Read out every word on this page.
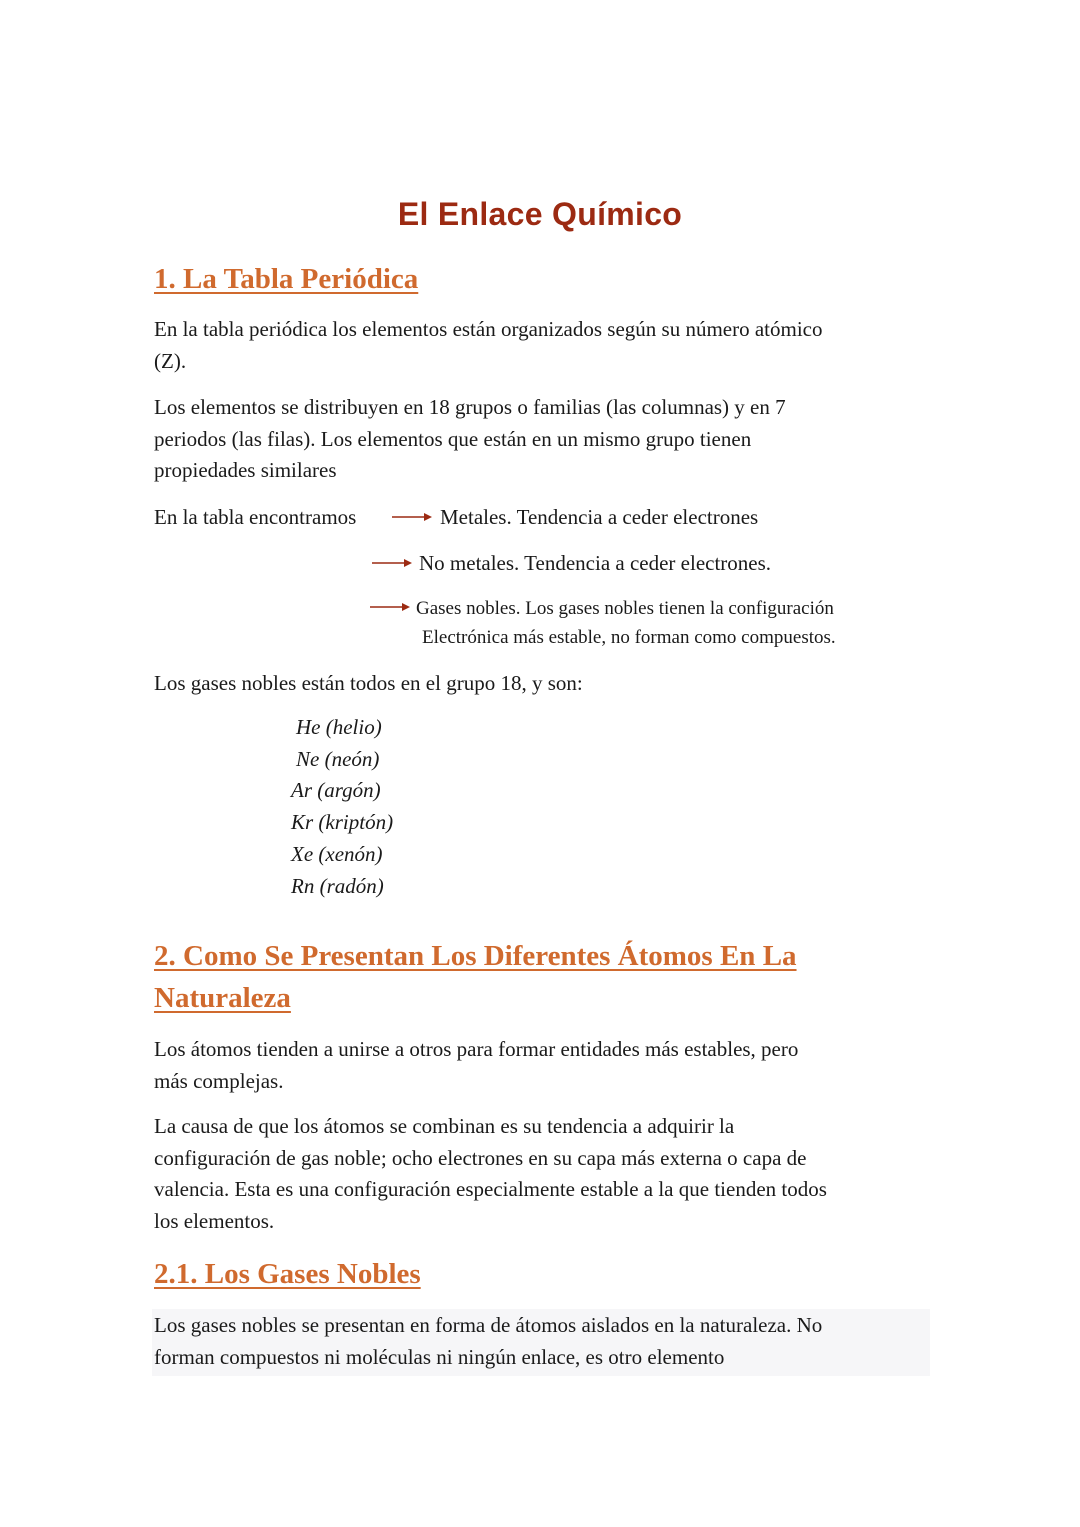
El Enlace Químico
1. La Tabla Periódica
En la tabla periódica los elementos están organizados según su número atómico
(Z).
Los elementos se distribuyen en 18 grupos o familias (las columnas) y en 7
periodos (las filas). Los elementos que están en un mismo grupo tienen
propiedades similares
En la tabla encontramos	Metales. Tendencia a ceder electrones
No metales. Tendencia a ceder electrones.
Gases nobles. Los gases nobles tienen la configuración
Electrónica más estable, no forman como compuestos.
Los gases nobles están todos en el grupo 18, y son:
He (helio)
Ne (neón)
Ar (argón)
Kr (kriptón)
Xe (xenón)
Rn (radón)
2. Como Se Presentan Los Diferentes Átomos En La
Naturaleza
Los átomos tienden a unirse a otros para formar entidades más estables, pero
más complejas.
La causa de que los átomos se combinan es su tendencia a adquirir la
configuración de gas noble; ocho electrones en su capa más externa o capa de
valencia. Esta es una configuración especialmente estable a la que tienden todos
los elementos.
2.1. Los Gases Nobles
Los gases nobles se presentan en forma de átomos aislados en la naturaleza. No
forman compuestos ni moléculas ni ningún enlace, es otro elemento
